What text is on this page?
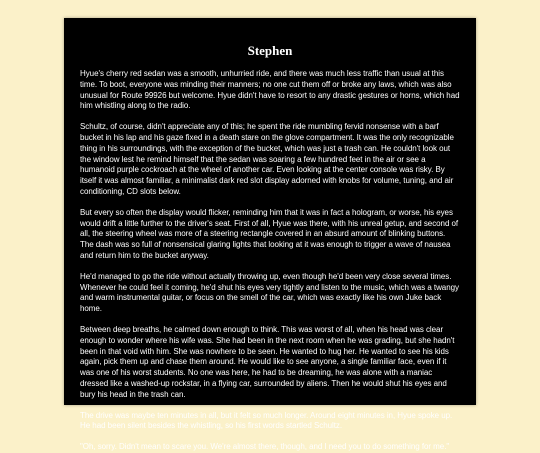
Stephen

Hyue's cherry red sedan was a smooth, unhurried ride, and there was much less traffic than usual at this time. To boot, everyone was minding their manners; no one cut them off or broke any laws, which was also unusual for Route 99926 but welcome. Hyue didn't have to resort to any drastic gestures or horns, which had him whistling along to the radio.

Schultz, of course, didn't appreciate any of this; he spent the ride mumbling fervid nonsense with a barf bucket in his lap and his gaze fixed in a death stare on the glove compartment. It was the only recognizable thing in his surroundings, with the exception of the bucket, which was just a trash can. He couldn't look out the window lest he remind himself that the sedan was soaring a few hundred feet in the air or see a humanoid purple cockroach at the wheel of another car. Even looking at the center console was risky. By itself it was almost familiar, a minimalist dark red slot display adorned with knobs for volume, tuning, and air conditioning, CD slots below.

But every so often the display would flicker, reminding him that it was in fact a hologram, or worse, his eyes would drift a little further to the driver's seat. First of all, Hyue was there, with his unreal getup, and second of all, the steering wheel was more of a steering rectangle covered in an absurd amount of blinking buttons. The dash was so full of nonsensical glaring lights that looking at it was enough to trigger a wave of nausea and return him to the bucket anyway.

He'd managed to go the ride without actually throwing up, even though he'd been very close several times. Whenever he could feel it coming, he'd shut his eyes very tightly and listen to the music, which was a twangy and warm instrumental guitar, or focus on the smell of the car, which was exactly like his own Juke back home.

Between deep breaths, he calmed down enough to think. This was worst of all, when his head was clear enough to wonder where his wife was. She had been in the next room when he was grading, but she hadn't been in that void with him. She was nowhere to be seen. He wanted to hug her. He wanted to see his kids again, pick them up and chase them around. He would like to see anyone, a single familiar face, even if it was one of his worst students. No one was here, he had to be dreaming, he was alone with a maniac dressed like a washed-up rockstar, in a flying car, surrounded by aliens. Then he would shut his eyes and bury his head in the trash can.

The drive was maybe ten minutes in all, but it felt so much longer. Around eight minutes in, Hyue spoke up. He had been silent besides the whistling, so his first words startled Schultz.

"Oh, sorry. Didn't mean to scare you. We're almost there, though, and I need you to do something for me."
